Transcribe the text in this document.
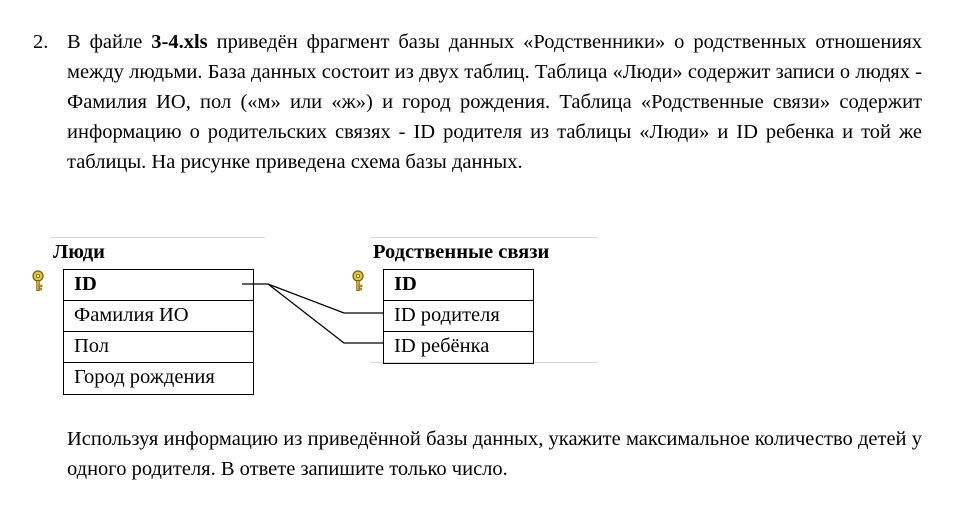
2. В файле 3-4.xls приведён фрагмент базы данных «Родственники» о родственных отношениях между людьми. База данных состоит из двух таблиц. Таблица «Люди» содержит записи о людях - Фамилия ИО, пол («м» или «ж») и город рождения. Таблица «Родственные связи» содержит информацию о родительских связях - ID родителя из таблицы «Люди» и ID ребенка и той же таблицы. На рисунке приведена схема базы данных.
Люди
ID
Фамилия ИО
Пол
Город рождения
Родственные связи
ID
ID родителя
ID ребёнка
Используя информацию из приведённой базы данных, укажите максимальное количество детей у одного родителя. В ответе запишите только число.
